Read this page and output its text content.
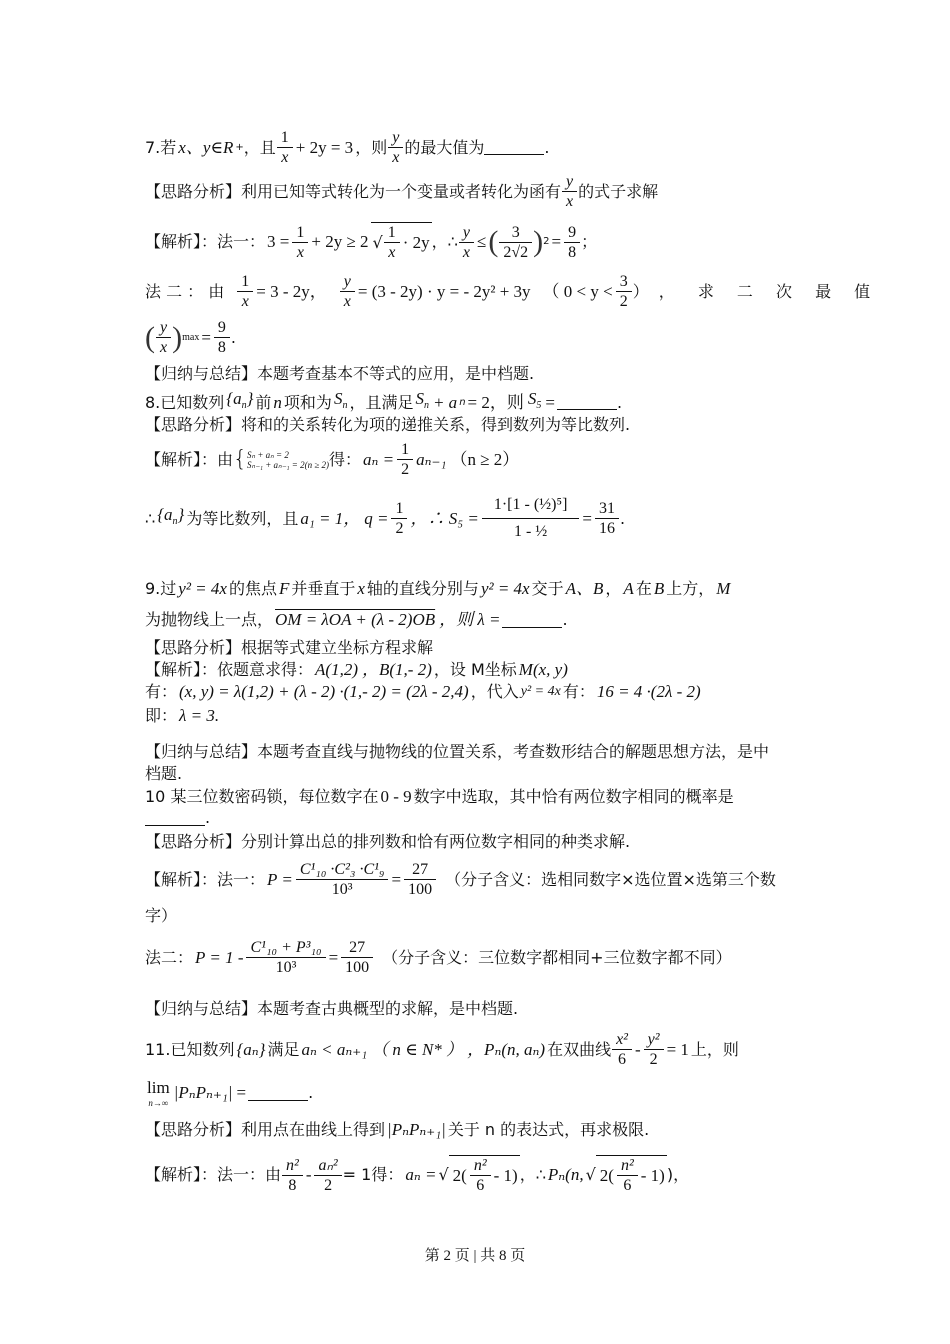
7.若 x、y∈R + ，且 $\frac{1}{x} + 2y = 3$ ，则 $\frac{y}{x}$ 的最大值为	.
【思路分析】 利用已知等式转化为一个变量或者转化为函有 $\frac{y}{x}$ 的式子求解
【解析】： 法一： $3 = \frac{1}{x} + 2y \ge 2$ √ $\frac{1}{x} \cdot 2y$ ，∴ $\frac{y}{x}$ ≤ ( $\frac{3}{2√2}$ ) $2 = \frac{9}{8}$ ；
法 二 ： 由 $\frac{1}{x} = 3 - 2y$， $\frac{y}{x} = (3 - 2y) \cdot y$ = - 2y² + 3y （ $0 < y < \frac{3}{2}$ ） ， 求 二 次 最 值
( $\frac{y}{x}$ ) $\max = \frac{9}{8}$ .
【归纳与总结】 本题考查基本不等式的应用，是中档题.
8.已知数列 $\{a_n\}$ 前 n 项和为 $S_n$ ，且满足 $S_n + a$ n = 2，则 $S_5$ =	.
【思路分析】 将和的关系转化为项的递推关系，得到数列为等比数列.
【解析】：由 { Sₙ + aₙ = 2
Sₙ₋₁ + aₙ₋₁ = 2(n ≥ 2) 得： $a_n = \frac{1}{2} a_{n-1}$ （n ≥ 2）
∴ $\{a_n\}$ 为等比数列，且 a₁ = 1， $q = \frac{1}{2}$ ，∴ $S_5 = \frac{\text{1·[1 - (½)⁵]}}{\text{1 - ½}} = \frac{31}{16}$ .
9.过 y² = 4x 的焦点 F 并垂直于 x 轴的直线分别与 y² = 4x 交于 A、B ， A 在 B 上方， M
为抛物线上一点， OM = λOA + (λ - 2)OB ，则 λ =	.
【思路分析】 根据等式建立坐标方程求解
【解析】： 依题意求得： A(1,2) ，B(1,- 2) ，设 M坐标 M(x, y)
有： (x, y) = λ(1,2) + (λ - 2) ·(1,- 2) = (2λ - 2,4) ，代入 y² = 4x 有： 16 = 4 ·(2λ - 2)
即： λ = 3.
【归纳与总结】 本题考查直线与抛物线的位置关系，考查数形结合的解题思想方法，是中
档题.
10 某三位数密码锁，每位数字在 0 - 9 数字中选取，其中恰有两位数字相同的概率是
.
【思路分析】 分别计算出总的排列数和恰有两位数字相同的种类求解.
【解析】：法一： $P = \frac{\text{C¹₁₀ ·C²₃ ·C¹₉}}{\text{10³}} = \frac{27}{100}$ （分子含义：选相同数字×选位置×选第三个数
字）
法二： $P = 1 - \frac{\text{C¹₁₀ + P³₁₀}}{\text{10³}} = \frac{27}{100}$ （分子含义：三位数字都相同+三位数字都不同）
【归纳与总结】 本题考查古典概型的求解，是中档题.
11.已知数列 {aₙ} 满足 aₙ < aₙ₊₁ （ n ∈ N* ） ，Pₙ(n, aₙ) 在双曲线 $\frac{\text{x²}}{6} - \frac{\text{y²}}{2} = 1$ 上，则
lim
n→∞
|PₙPₙ₊₁| =	.
【思路分析】 利用点在曲线上得到 |PₙPₙ₊₁| 关于 n 的表达式，再求极限.
【解析】：法一：由 $\frac{\text{n²}}{8} - \frac{\text{aₙ²}}{2} = 1$得： aₙ = √ $2( \frac{\text{n²}}{6} - 1)$ ，∴ Pₙ(n, √ $2( \frac{\text{n²}}{6} - 1)$ )，
第 2 页 | 共 8 页
